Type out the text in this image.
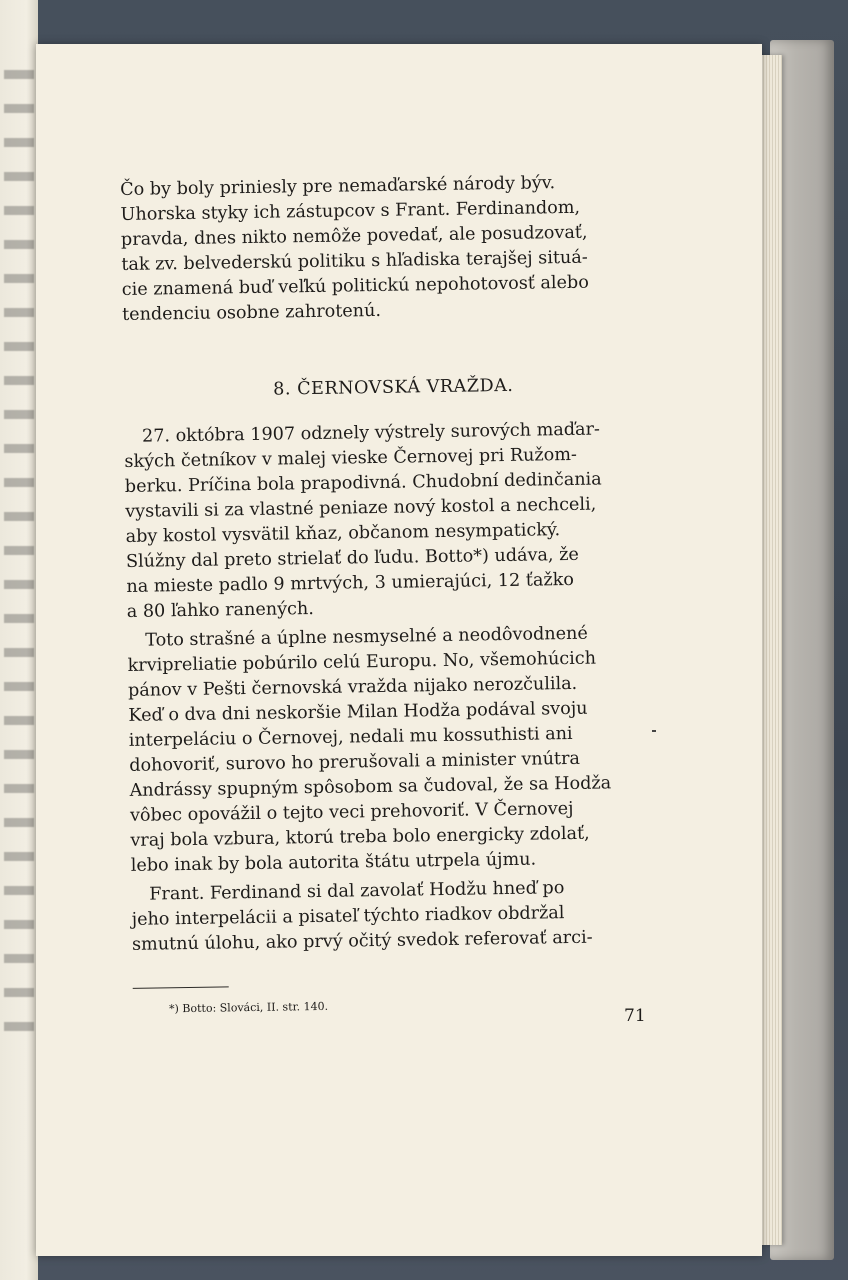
Čo by boly priniesly pre nemaďarské národy býv.
Uhorska styky ich zástupcov s Frant. Ferdinandom,
pravda, dnes nikto nemôže povedať, ale posudzovať,
tak zv. belvederskú politiku s hľadiska terajšej situá-
cie znamená buď veľkú politickú nepohotovosť alebo
tendenciu osobne zahrotenú.

8. ČERNOVSKÁ VRAŽDA.

27. októbra 1907 odznely výstrely surových maďar-
ských četníkov v malej vieske Černovej pri Ružom-
berku. Príčina bola prapodivná. Chudobní dedinčania
vystavili si za vlastné peniaze nový kostol a nechceli,
aby kostol vysvätil kňaz, občanom nesympatický.
Slúžny dal preto strielať do ľudu. Botto*) udáva, že
na mieste padlo 9 mrtvých, 3 umierajúci, 12 ťažko
a 80 ľahko ranených.

Toto strašné a úplne nesmyselné a neodôvodnené
krvipreliatie pobúrilo celú Europu. No, všemohúcich
pánov v Pešti černovská vražda nijako nerozčulila.
Keď o dva dni neskoršie Milan Hodža podával svoju
interpeláciu o Černovej, nedali mu kossuthisti ani
dohovoriť, surovo ho prerušovali a minister vnútra
Andrássy spupným spôsobom sa čudoval, že sa Hodža
vôbec opovážil o tejto veci prehovoriť. V Černovej
vraj bola vzbura, ktorú treba bolo energicky zdolať,
lebo inak by bola autorita štátu utrpela újmu.

Frant. Ferdinand si dal zavolať Hodžu hneď po
jeho interpelácii a pisateľ týchto riadkov obdržal
smutnú úlohu, ako prvý očitý svedok referovať arci-

*) Botto: Slováci, II. str. 140.	71
